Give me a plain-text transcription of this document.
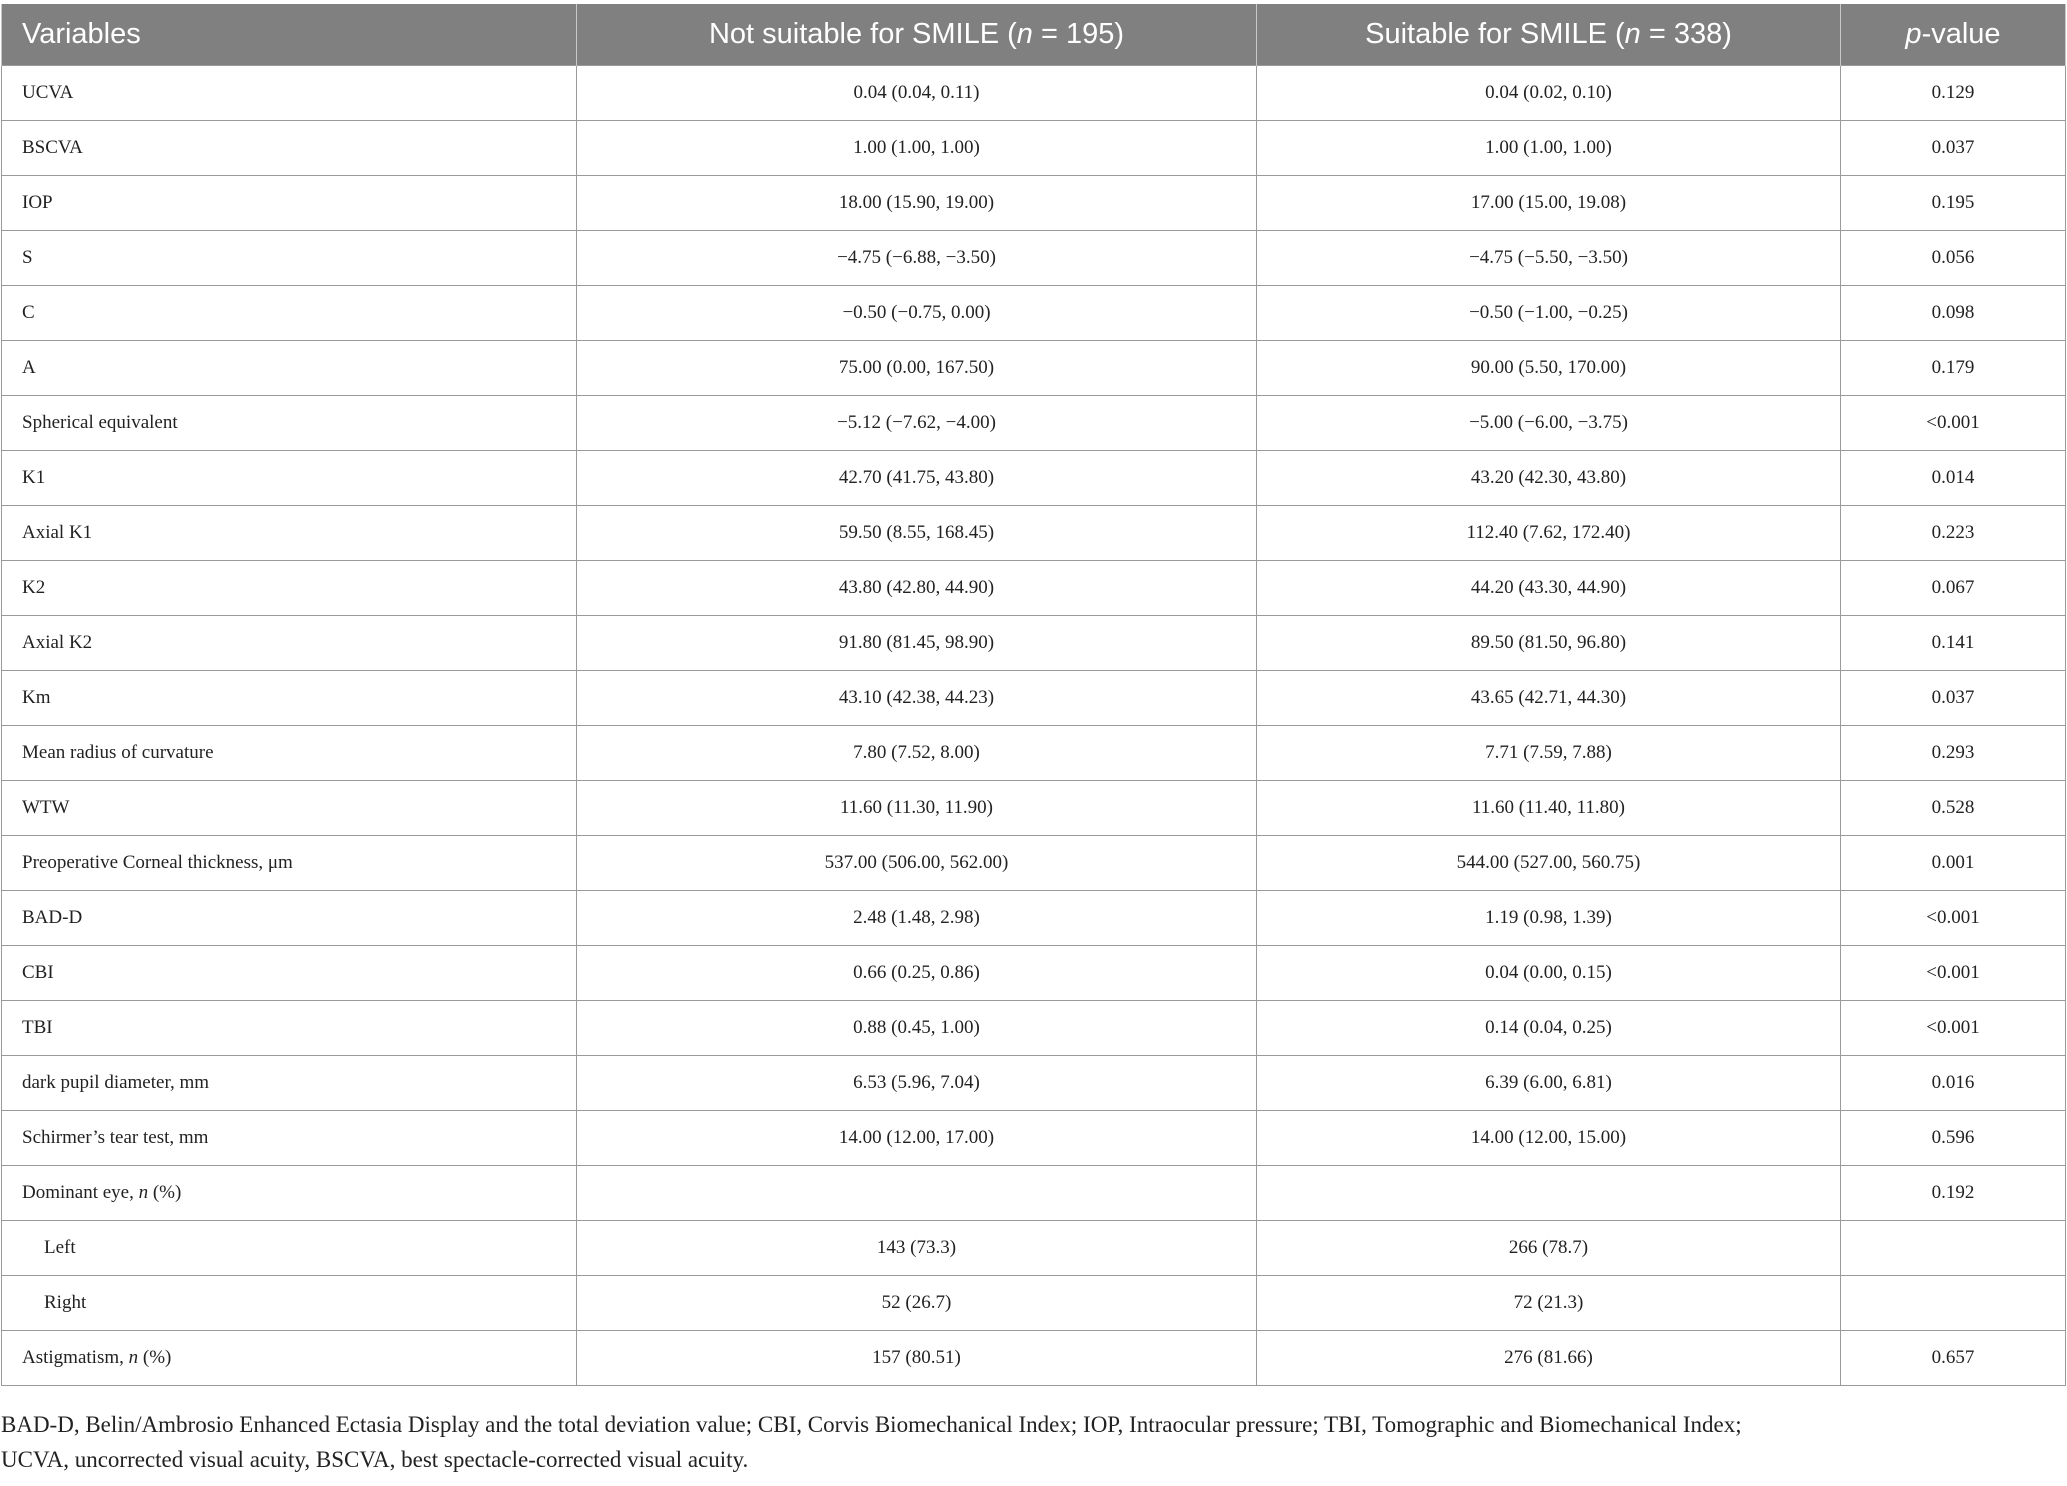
Variables	Not suitable for SMILE (n = 195)	Suitable for SMILE (n = 338)	p-value
UCVA	0.04 (0.04, 0.11)	0.04 (0.02, 0.10)	0.129
BSCVA	1.00 (1.00, 1.00)	1.00 (1.00, 1.00)	0.037
IOP	18.00 (15.90, 19.00)	17.00 (15.00, 19.08)	0.195
S	−4.75 (−6.88, −3.50)	−4.75 (−5.50, −3.50)	0.056
C	−0.50 (−0.75, 0.00)	−0.50 (−1.00, −0.25)	0.098
A	75.00 (0.00, 167.50)	90.00 (5.50, 170.00)	0.179
Spherical equivalent	−5.12 (−7.62, −4.00)	−5.00 (−6.00, −3.75)	<0.001
K1	42.70 (41.75, 43.80)	43.20 (42.30, 43.80)	0.014
Axial K1	59.50 (8.55, 168.45)	112.40 (7.62, 172.40)	0.223
K2	43.80 (42.80, 44.90)	44.20 (43.30, 44.90)	0.067
Axial K2	91.80 (81.45, 98.90)	89.50 (81.50, 96.80)	0.141
Km	43.10 (42.38, 44.23)	43.65 (42.71, 44.30)	0.037
Mean radius of curvature	7.80 (7.52, 8.00)	7.71 (7.59, 7.88)	0.293
WTW	11.60 (11.30, 11.90)	11.60 (11.40, 11.80)	0.528
Preoperative Corneal thickness, μm	537.00 (506.00, 562.00)	544.00 (527.00, 560.75)	0.001
BAD-D	2.48 (1.48, 2.98)	1.19 (0.98, 1.39)	<0.001
CBI	0.66 (0.25, 0.86)	0.04 (0.00, 0.15)	<0.001
TBI	0.88 (0.45, 1.00)	0.14 (0.04, 0.25)	<0.001
dark pupil diameter, mm	6.53 (5.96, 7.04)	6.39 (6.00, 6.81)	0.016
Schirmer’s tear test, mm	14.00 (12.00, 17.00)	14.00 (12.00, 15.00)	0.596
Dominant eye, n (%)			0.192
Left	143 (73.3)	266 (78.7)	
Right	52 (26.7)	72 (21.3)	
Astigmatism, n (%)	157 (80.51)	276 (81.66)	0.657

BAD-D, Belin/Ambrosio Enhanced Ectasia Display and the total deviation value; CBI, Corvis Biomechanical Index; IOP, Intraocular pressure; TBI, Tomographic and Biomechanical Index;
UCVA, uncorrected visual acuity, BSCVA, best spectacle-corrected visual acuity.
